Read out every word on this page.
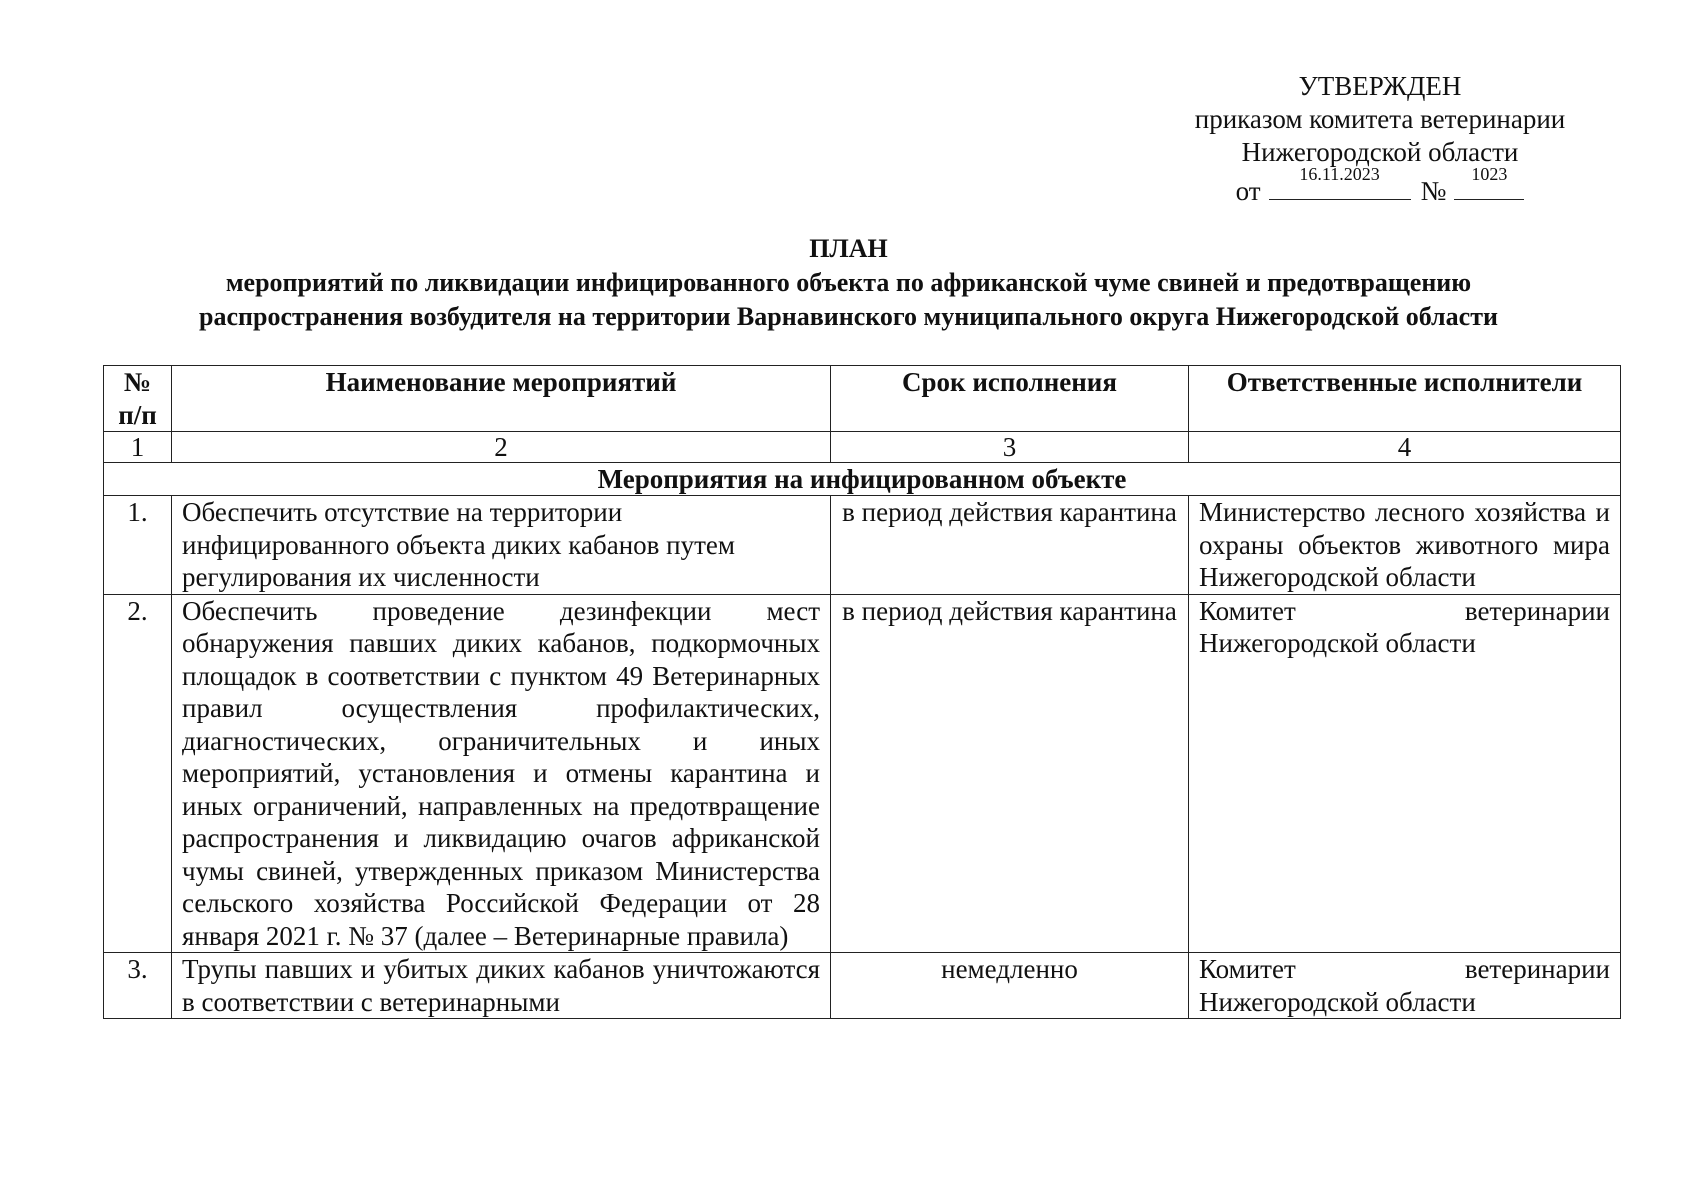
УТВЕРЖДЕН
приказом комитета ветеринарии
Нижегородской области
от
16.11.2023
№
1023
ПЛАН
мероприятий по ликвидации инфицированного объекта по африканской чуме свиней и предотвращению
распространения возбудителя на территории Варнавинского муниципального округа Нижегородской области
№ п/п	Наименование мероприятий	Срок исполнения	Ответственные исполнители
1	2	3	4
Мероприятия на инфицированном объекте			
1.	Обеспечить отсутствие на территории инфицированного объекта диких кабанов путем регулирования их численности	в период действия карантина	Министерство лесного хозяйства и охраны объектов животного мира Нижегородской области
2.	Обеспечить проведение дезинфекции мест обнаружения павших диких кабанов, подкормочных площадок в соответствии с пунктом 49 Ветеринарных правил осуществления профилактических, диагностических, ограничительных и иных мероприятий, установления и отмены карантина и иных ограничений, направленных на предотвращение распространения и ликвидацию очагов африканской чумы свиней, утвержденных приказом Министерства сельского хозяйства Российской Федерации от 28 января 2021 г. № 37 (далее – Ветеринарные правила)	в период действия карантина	Комитет ветеринарии Нижегородской области
3.	Трупы павших и убитых диких кабанов уничтожаются в соответствии с ветеринарными	немедленно	Комитет ветеринарии Нижегородской области
